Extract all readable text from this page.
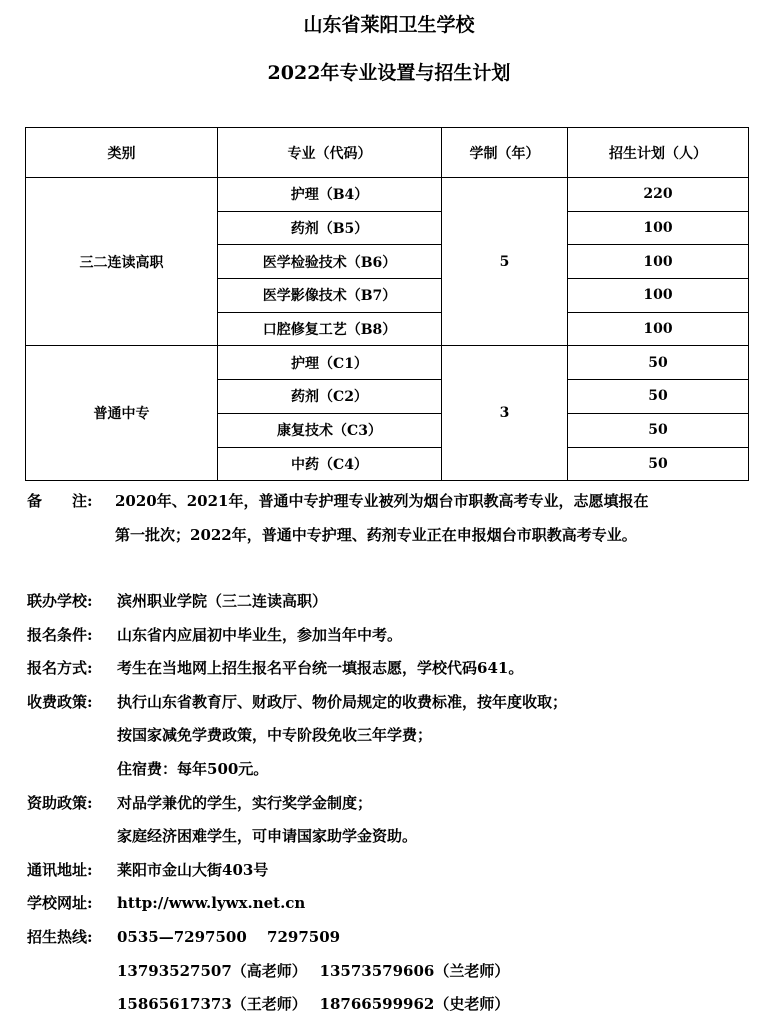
山东省莱阳卫生学校
2022年专业设置与招生计划
类别	专业（代码）	学制（年）	招生计划（人）
三二连读高职	护理（B4）	5	220
	药剂（B5）		100
	医学检验技术（B6）		100
	医学影像技术（B7）		100
	口腔修复工艺（B8）		100
普通中专	护理（C1）	3	50
	药剂（C2）		50
	康复技术（C3）		50
	中药（C4）		50
备　　注: 2020年、2021年，普通中专护理专业被列为烟台市职教高考专业，志愿填报在
第一批次；2022年，普通中专护理、药剂专业正在申报烟台市职教高考专业。
联办学校: 滨州职业学院（三二连读高职）
报名条件: 山东省内应届初中毕业生，参加当年中考。
报名方式: 考生在当地网上招生报名平台统一填报志愿，学校代码641。
收费政策: 执行山东省教育厅、财政厅、物价局规定的收费标准，按年度收取；
按国家减免学费政策，中专阶段免收三年学费；
住宿费：每年500元。
资助政策: 对品学兼优的学生，实行奖学金制度；
家庭经济困难学生，可申请国家助学金资助。
通讯地址: 莱阳市金山大街403号
学校网址: http://www.lywx.net.cn
招生热线: 0535—7297500　 7297509
13793527507（高老师）　 13573579606（兰老师）
15865617373（王老师）　 18766599962（史老师）
